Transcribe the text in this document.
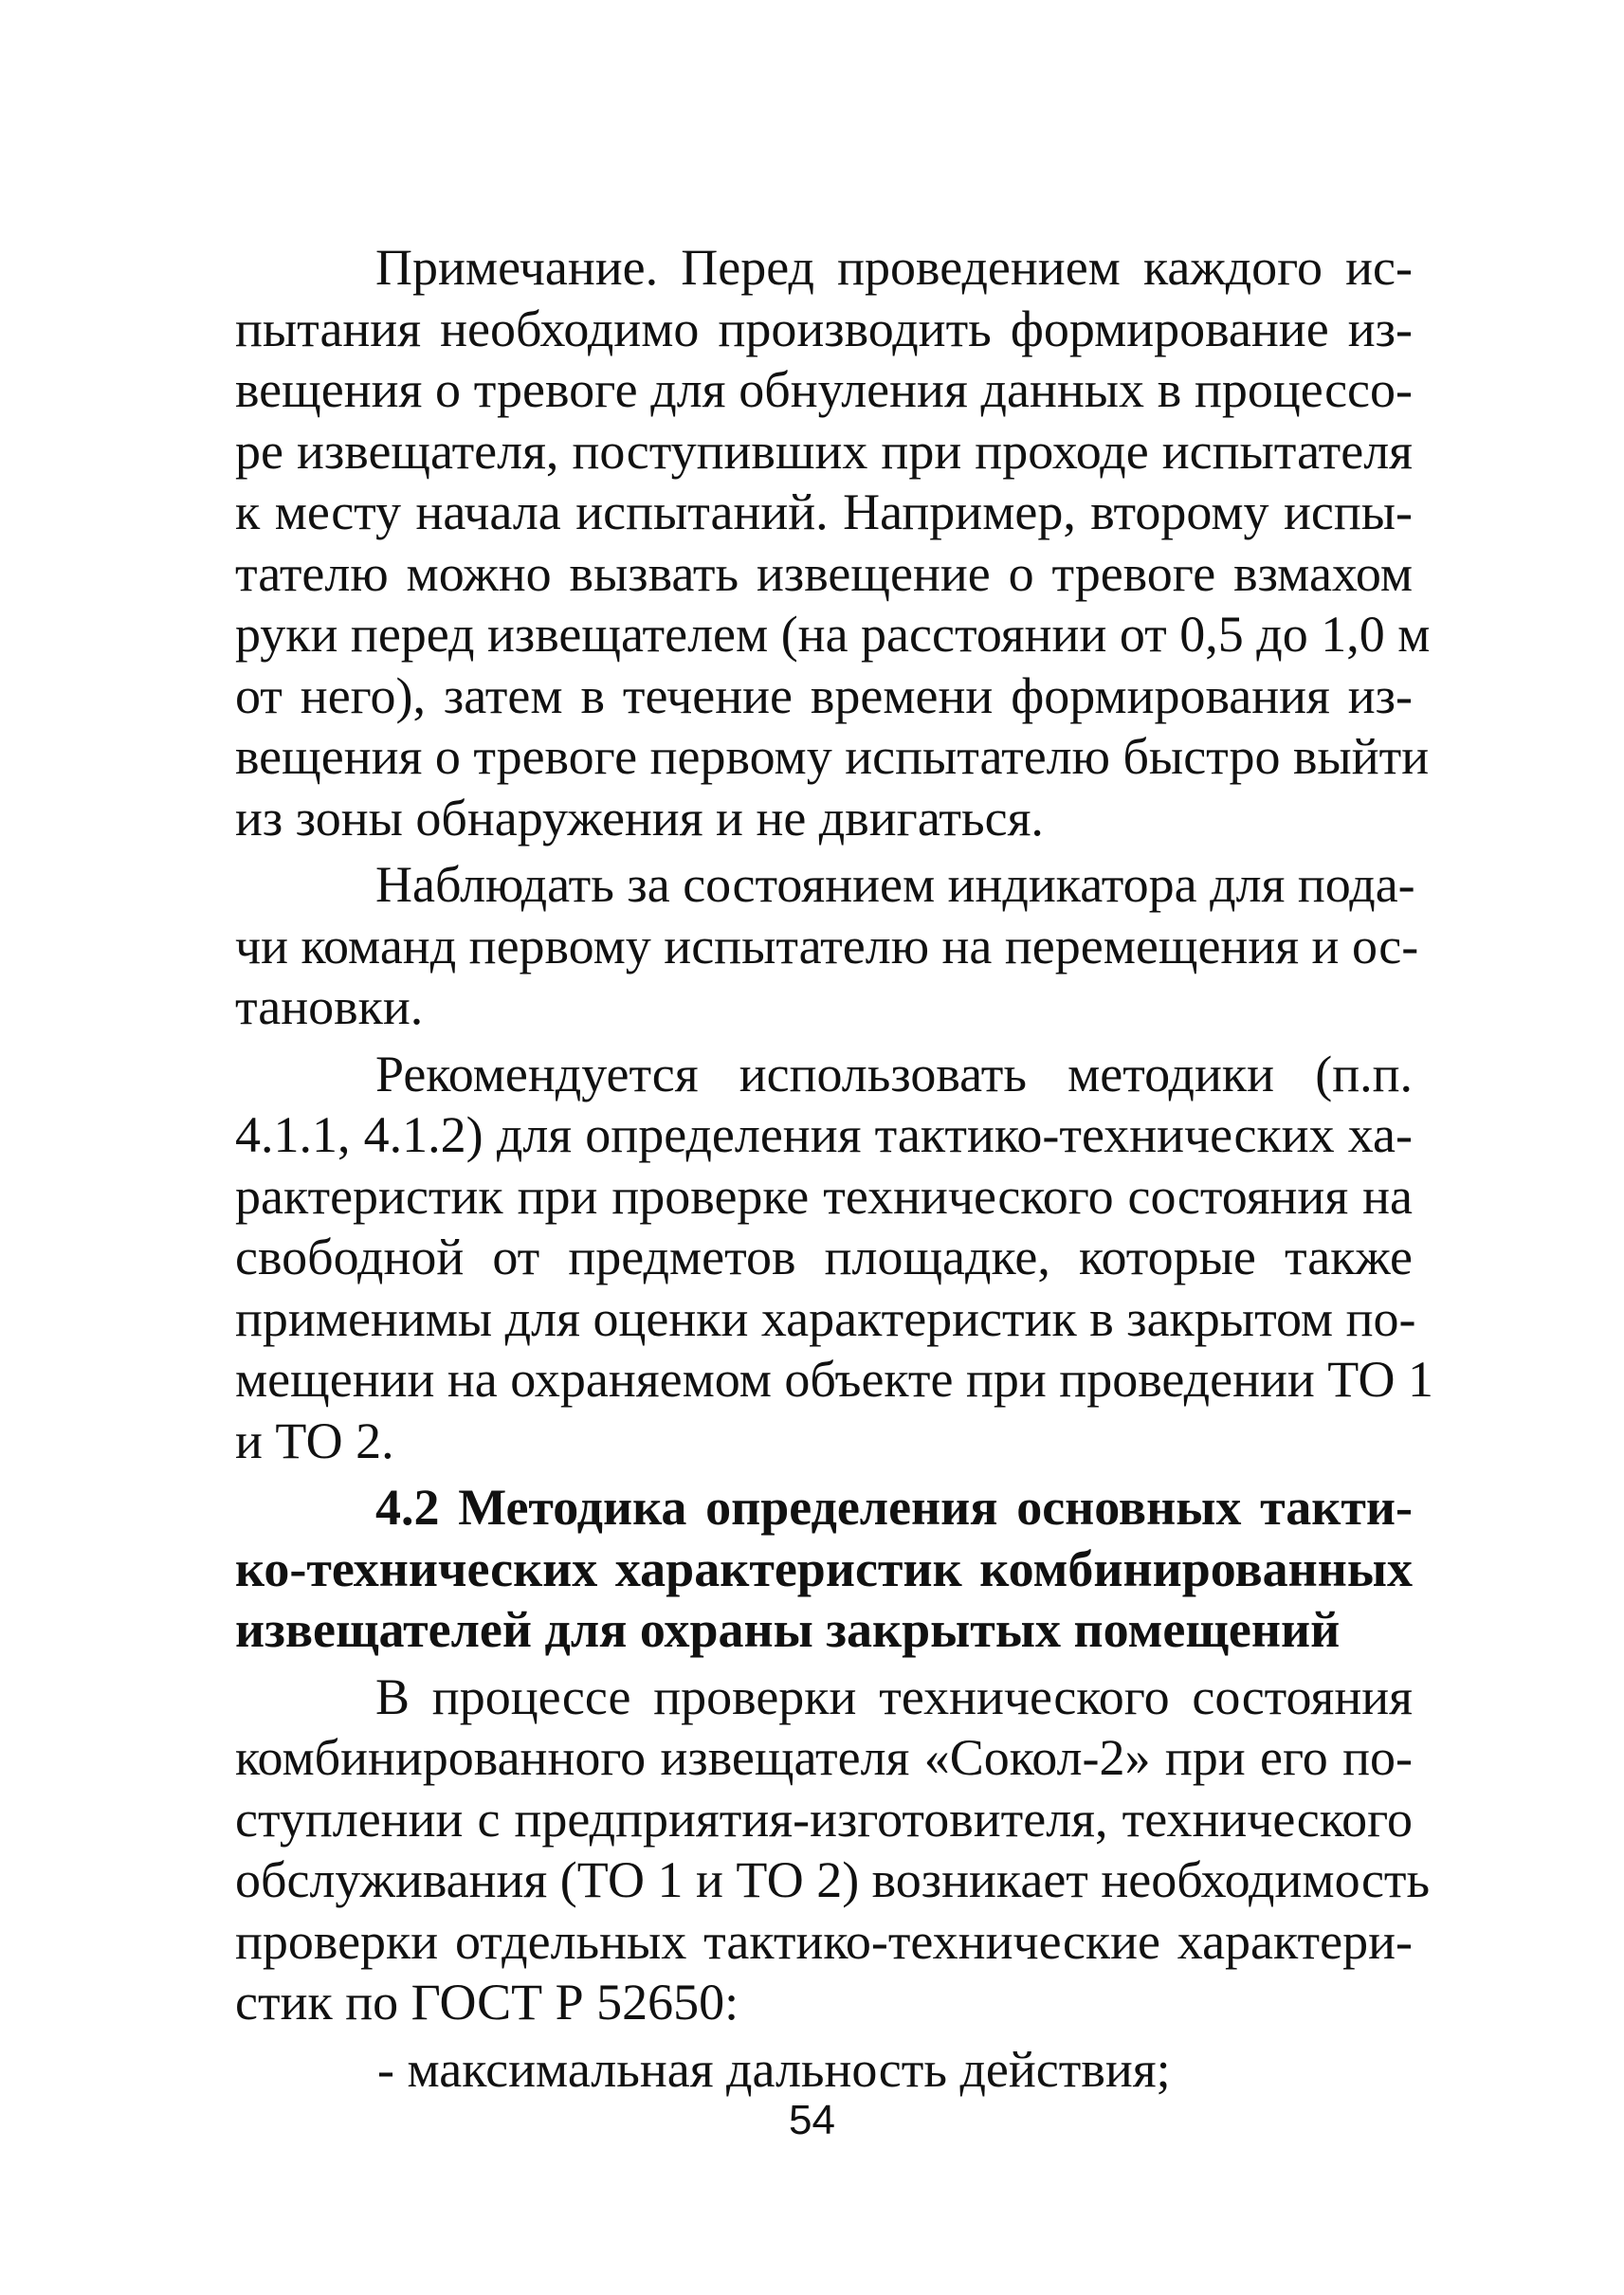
Примечание. Перед проведением каждого ис-
пытания необходимо производить формирование из-
вещения о тревоге для обнуления данных в процессо-
ре извещателя, поступивших при проходе испытателя
к месту начала испытаний. Например, второму испы-
тателю можно вызвать извещение о тревоге взмахом
руки перед извещателем (на расстоянии от 0,5 до 1,0 м
от него), затем в течение времени формирования из-
вещения о тревоге первому испытателю быстро выйти
из зоны обнаружения и не двигаться.
Наблюдать за состоянием индикатора для пода-
чи команд первому испытателю на перемещения и ос-
тановки.
Рекомендуется использовать методики (п.п.
4.1.1, 4.1.2) для определения тактико-технических ха-
рактеристик при проверке технического состояния на
свободной от предметов площадке, которые также
применимы для оценки характеристик в закрытом по-
мещении на охраняемом объекте при проведении ТО 1
и ТО 2.
4.2 Методика определения основных такти-
ко-технических характеристик комбинированных
извещателей для охраны закрытых помещений
В процессе проверки технического состояния
комбинированного извещателя «Сокол-2» при его по-
ступлении с предприятия-изготовителя, технического
обслуживания (ТО 1 и ТО 2) возникает необходимость
проверки отдельных тактико-технические характери-
стик по ГОСТ Р 52650:
- максимальная дальность действия;
54
